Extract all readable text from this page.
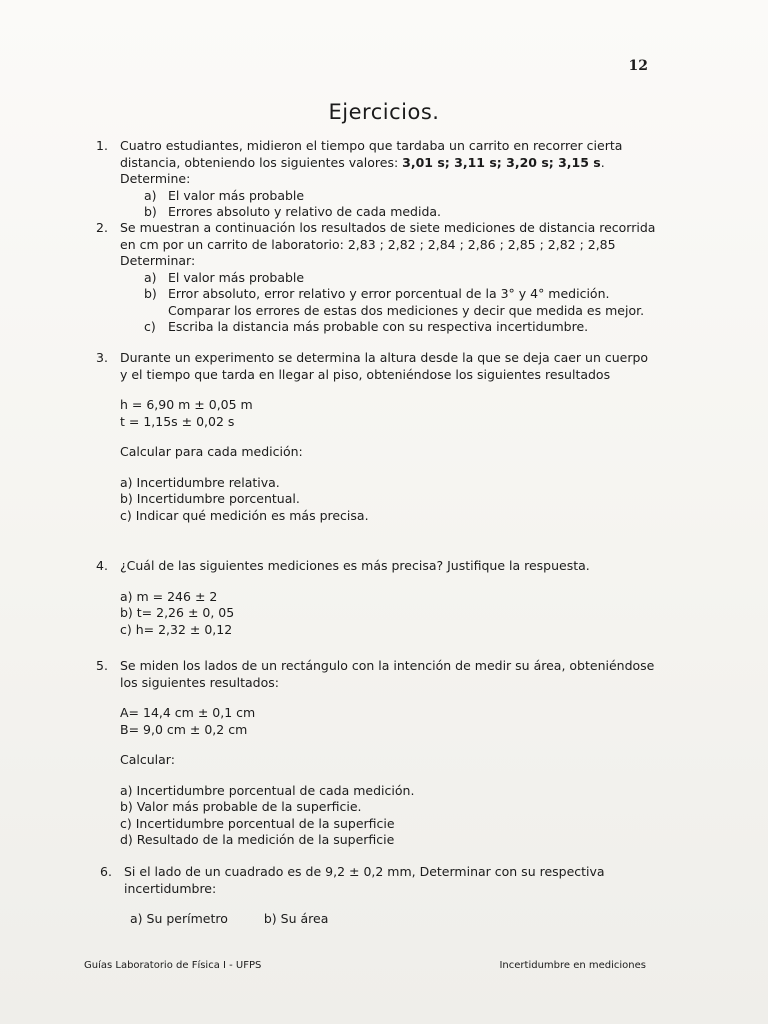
12
Ejercicios.
1. Cuatro estudiantes, midieron el tiempo que tardaba un carrito en recorrer cierta distancia, obteniendo los siguientes valores: 3,01 s; 3,11 s; 3,20 s; 3,15 s. Determine:
a) El valor más probable
b) Errores absoluto y relativo de cada medida.
2. Se muestran a continuación los resultados de siete mediciones de distancia recorrida en cm por un carrito de laboratorio: 2,83 ; 2,82 ; 2,84 ; 2,86 ; 2,85 ; 2,82 ; 2,85
Determinar:
a) El valor más probable
b) Error absoluto, error relativo y error porcentual de la 3° y 4° medición. Comparar los errores de estas dos mediciones y decir que medida es mejor.
c) Escriba la distancia más probable con su respectiva incertidumbre.
3. Durante un experimento se determina la altura desde la que se deja caer un cuerpo y el tiempo que tarda en llegar al piso, obteniéndose los siguientes resultados
h = 6,90 m ± 0,05 m
t = 1,15s ± 0,02 s
Calcular para cada medición:
a) Incertidumbre relativa.
b) Incertidumbre porcentual.
c) Indicar qué medición es más precisa.
4. ¿Cuál de las siguientes mediciones es más precisa? Justifique la respuesta.
a) m = 246 ± 2
b) t= 2,26 ± 0, 05
c) h= 2,32 ± 0,12
5. Se miden los lados de un rectángulo con la intención de medir su área, obteniéndose los siguientes resultados:
A= 14,4 cm ± 0,1 cm
B= 9,0 cm ± 0,2 cm
Calcular:
a) Incertidumbre porcentual de cada medición.
b) Valor más probable de la superficie.
c) Incertidumbre porcentual de la superficie
d) Resultado de la medición de la superficie
6. Si el lado de un cuadrado es de 9,2 ± 0,2 mm, Determinar con su respectiva incertidumbre:
a) Su perímetro	b) Su área
Guías Laboratorio de Física I - UFPS	Incertidumbre en mediciones
